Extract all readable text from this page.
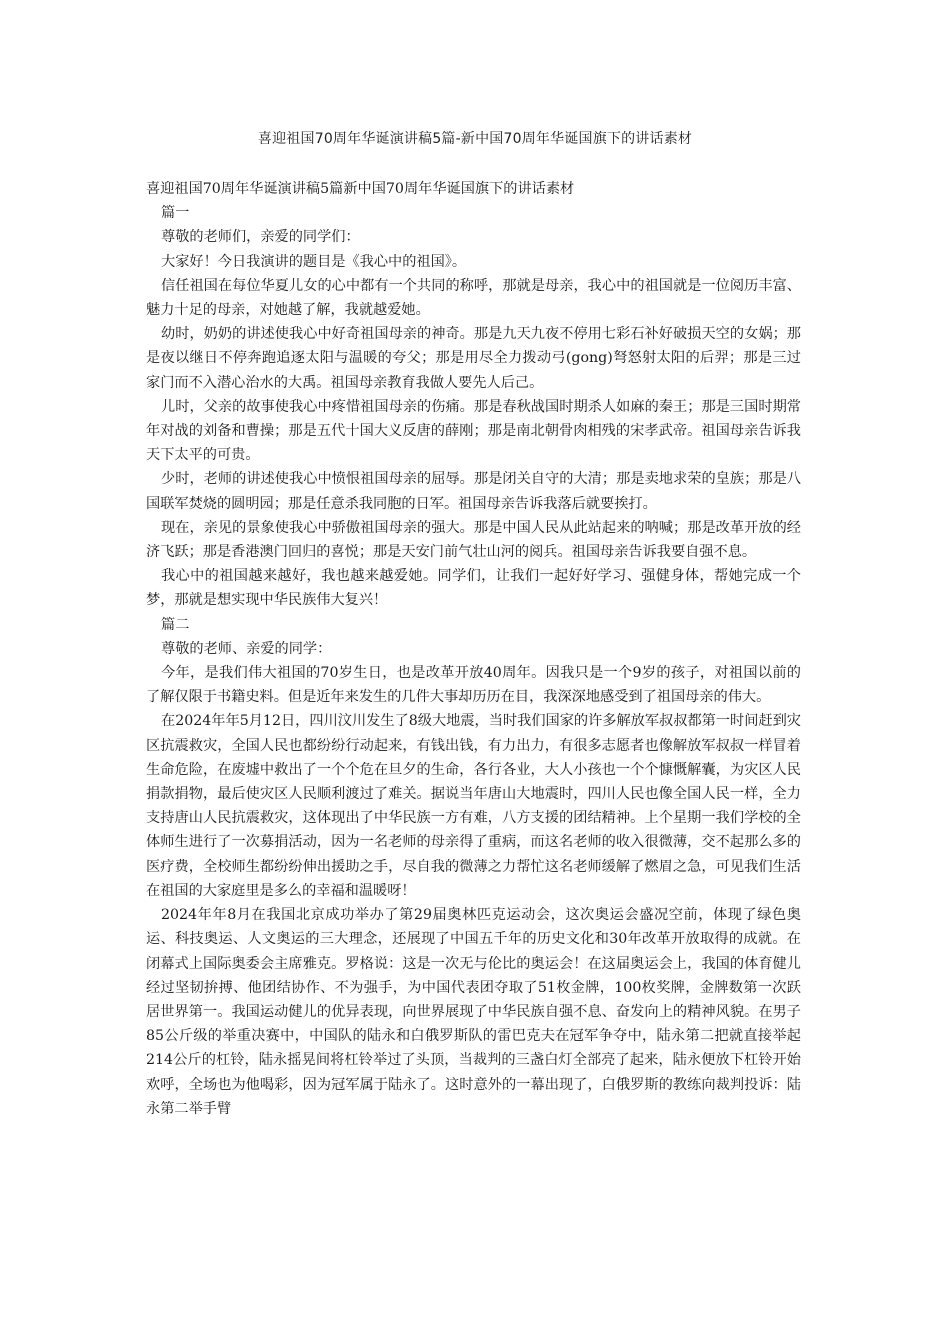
喜迎祖国70周年华诞演讲稿5篇-新中国70周年华诞国旗下的讲话素材

喜迎祖国70周年华诞演讲稿5篇新中国70周年华诞国旗下的讲话素材

篇一

尊敬的老师们，亲爱的同学们：

大家好！今日我演讲的题目是《我心中的祖国》。

信任祖国在每位华夏儿女的心中都有一个共同的称呼，那就是母亲，我心中的祖国就是一位阅历丰富、魅力十足的母亲，对她越了解，我就越爱她。

幼时，奶奶的讲述使我心中好奇祖国母亲的神奇。那是九天九夜不停用七彩石补好破损天空的女娲；那是夜以继日不停奔跑追逐太阳与温暖的夸父；那是用尽全力拨动弓(gong)弩怒射太阳的后羿；那是三过家门而不入潜心治水的大禹。祖国母亲教育我做人要先人后己。

儿时，父亲的故事使我心中疼惜祖国母亲的伤痛。那是春秋战国时期杀人如麻的秦王；那是三国时期常年对战的刘备和曹操；那是五代十国大义反唐的薛刚；那是南北朝骨肉相残的宋孝武帝。祖国母亲告诉我天下太平的可贵。

少时，老师的讲述使我心中愤恨祖国母亲的屈辱。那是闭关自守的大清；那是卖地求荣的皇族；那是八国联军焚烧的圆明园；那是任意杀我同胞的日军。祖国母亲告诉我落后就要挨打。

现在，亲见的景象使我心中骄傲祖国母亲的强大。那是中国人民从此站起来的呐喊；那是改革开放的经济飞跃；那是香港澳门回归的喜悦；那是天安门前气壮山河的阅兵。祖国母亲告诉我要自强不息。

我心中的祖国越来越好，我也越来越爱她。同学们，让我们一起好好学习、强健身体，帮她完成一个梦，那就是想实现中华民族伟大复兴！

篇二

尊敬的老师、亲爱的同学：

今年，是我们伟大祖国的70岁生日，也是改革开放40周年。因我只是一个9岁的孩子，对祖国以前的了解仅限于书籍史料。但是近年来发生的几件大事却历历在目，我深深地感受到了祖国母亲的伟大。

在2024年年5月12日，四川汶川发生了8级大地震，当时我们国家的许多解放军叔叔都第一时间赶到灾区抗震救灾，全国人民也都纷纷行动起来，有钱出钱，有力出力，有很多志愿者也像解放军叔叔一样冒着生命危险，在废墟中救出了一个个危在旦夕的生命，各行各业，大人小孩也一个个慷慨解囊，为灾区人民捐款捐物，最后使灾区人民顺利渡过了难关。据说当年唐山大地震时，四川人民也像全国人民一样，全力支持唐山人民抗震救灾，这体现出了中华民族一方有难，八方支援的团结精神。上个星期一我们学校的全体师生进行了一次募捐活动，因为一名老师的母亲得了重病，而这名老师的收入很微薄，交不起那么多的医疗费，全校师生都纷纷伸出援助之手，尽自我的微薄之力帮忙这名老师缓解了燃眉之急，可见我们生活在祖国的大家庭里是多么的幸福和温暖呀！

2024年年8月在我国北京成功举办了第29届奥林匹克运动会，这次奥运会盛况空前，体现了绿色奥运、科技奥运、人文奥运的三大理念，还展现了中国五千年的历史文化和30年改革开放取得的成就。在闭幕式上国际奥委会主席雅克。罗格说：这是一次无与伦比的奥运会！在这届奥运会上，我国的体育健儿经过坚韧拚搏、他团结协作、不为强手，为中国代表团夺取了51枚金牌，100枚奖牌，金牌数第一次跃居世界第一。我国运动健儿的优异表现，向世界展现了中华民族自强不息、奋发向上的精神风貌。在男子85公斤级的举重决赛中，中国队的陆永和白俄罗斯队的雷巴克夫在冠军争夺中，陆永第二把就直接举起214公斤的杠铃，陆永摇晃间将杠铃举过了头顶，当裁判的三盏白灯全部亮了起来，陆永便放下杠铃开始欢呼，全场也为他喝彩，因为冠军属于陆永了。这时意外的一幕出现了，白俄罗斯的教练向裁判投诉：陆永第二举手臂
